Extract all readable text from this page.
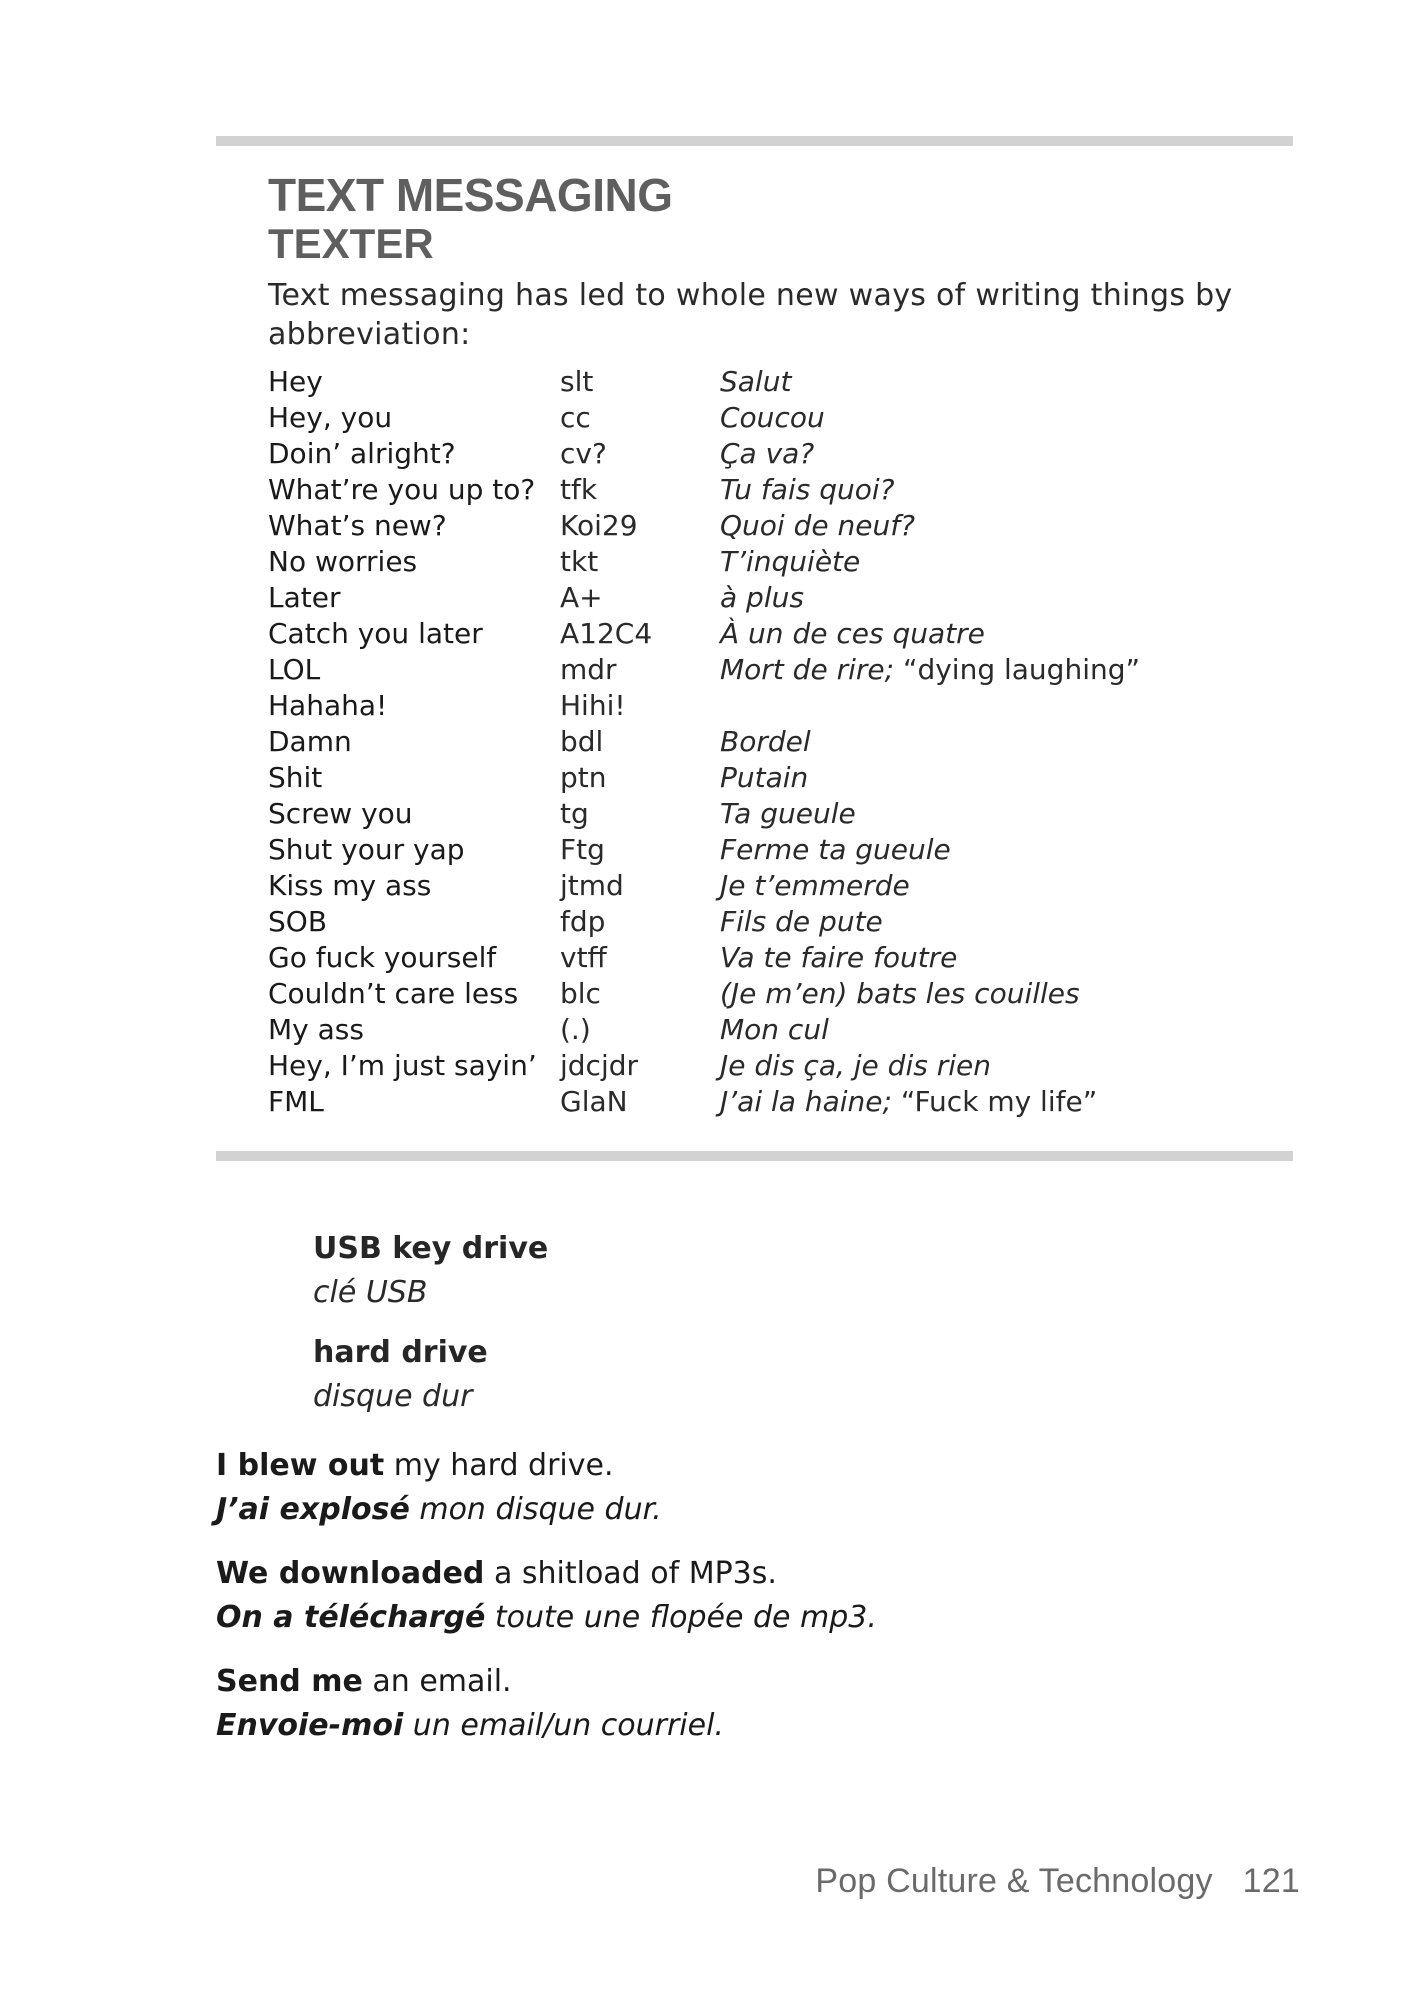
TEXT MESSAGING
TEXTER

Text messaging has led to whole new ways of writing things by abbreviation:

Hey	slt	Salut
Hey, you	cc	Coucou
Doin’ alright?	cv?	Ça va?
What’re you up to?	tfk	Tu fais quoi?
What’s new?	Koi29	Quoi de neuf?
No worries	tkt	T’inquiète
Later	A+	à plus
Catch you later	A12C4	À un de ces quatre
LOL	mdr	Mort de rire; “dying laughing”
Hahaha!	Hihi!	
Damn	bdl	Bordel
Shit	ptn	Putain
Screw you	tg	Ta gueule
Shut your yap	Ftg	Ferme ta gueule
Kiss my ass	jtmd	Je t’emmerde
SOB	fdp	Fils de pute
Go fuck yourself	vtff	Va te faire foutre
Couldn’t care less	blc	(Je m’en) bats les couilles
My ass	(.)	Mon cul
Hey, I’m just sayin’	jdcjdr	Je dis ça, je dis rien
FML	GlaN	J’ai la haine; “Fuck my life”
USB key drive
clé USB
hard drive
disque dur
I blew out my hard drive.
J’ai explosé mon disque dur.
We downloaded a shitload of MP3s.
On a téléchargé toute une flopée de mp3.
Send me an email.
Envoie-moi un email/un courriel.
Pop Culture & Technology 121
